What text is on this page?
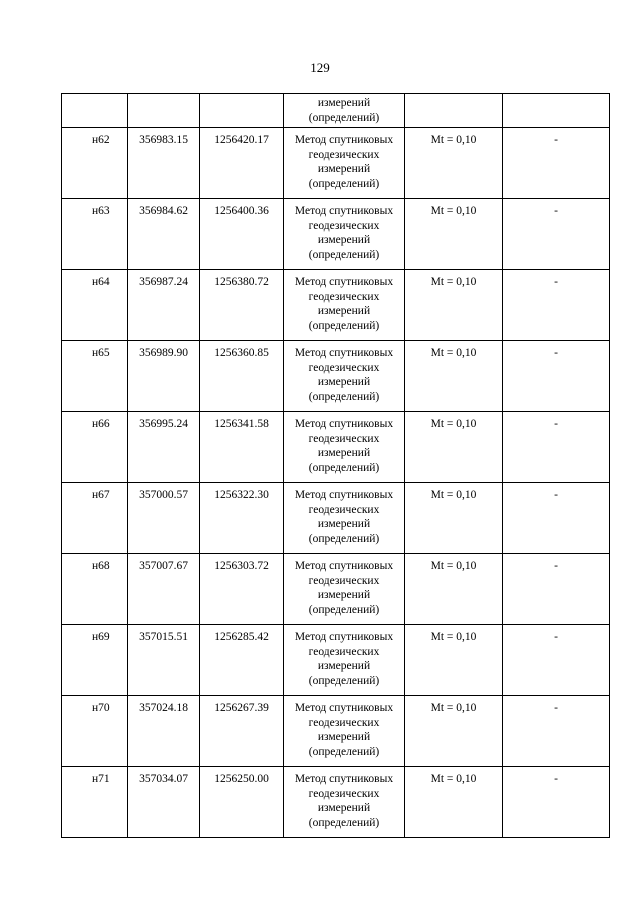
129

			измерений
(определений)		

н62	356983.15	1256420.17	Метод спутниковых
геодезических
измерений
(определений)	Mt = 0,10	-
н63	356984.62	1256400.36	Метод спутниковых
геодезических
измерений
(определений)	Mt = 0,10	-
н64	356987.24	1256380.72	Метод спутниковых
геодезических
измерений
(определений)	Mt = 0,10	-
н65	356989.90	1256360.85	Метод спутниковых
геодезических
измерений
(определений)	Mt = 0,10	-
н66	356995.24	1256341.58	Метод спутниковых
геодезических
измерений
(определений)	Mt = 0,10	-
н67	357000.57	1256322.30	Метод спутниковых
геодезических
измерений
(определений)	Mt = 0,10	-
н68	357007.67	1256303.72	Метод спутниковых
геодезических
измерений
(определений)	Mt = 0,10	-
н69	357015.51	1256285.42	Метод спутниковых
геодезических
измерений
(определений)	Mt = 0,10	-
н70	357024.18	1256267.39	Метод спутниковых
геодезических
измерений
(определений)	Mt = 0,10	-
н71	357034.07	1256250.00	Метод спутниковых
геодезических
измерений
(определений)	Mt = 0,10	-
